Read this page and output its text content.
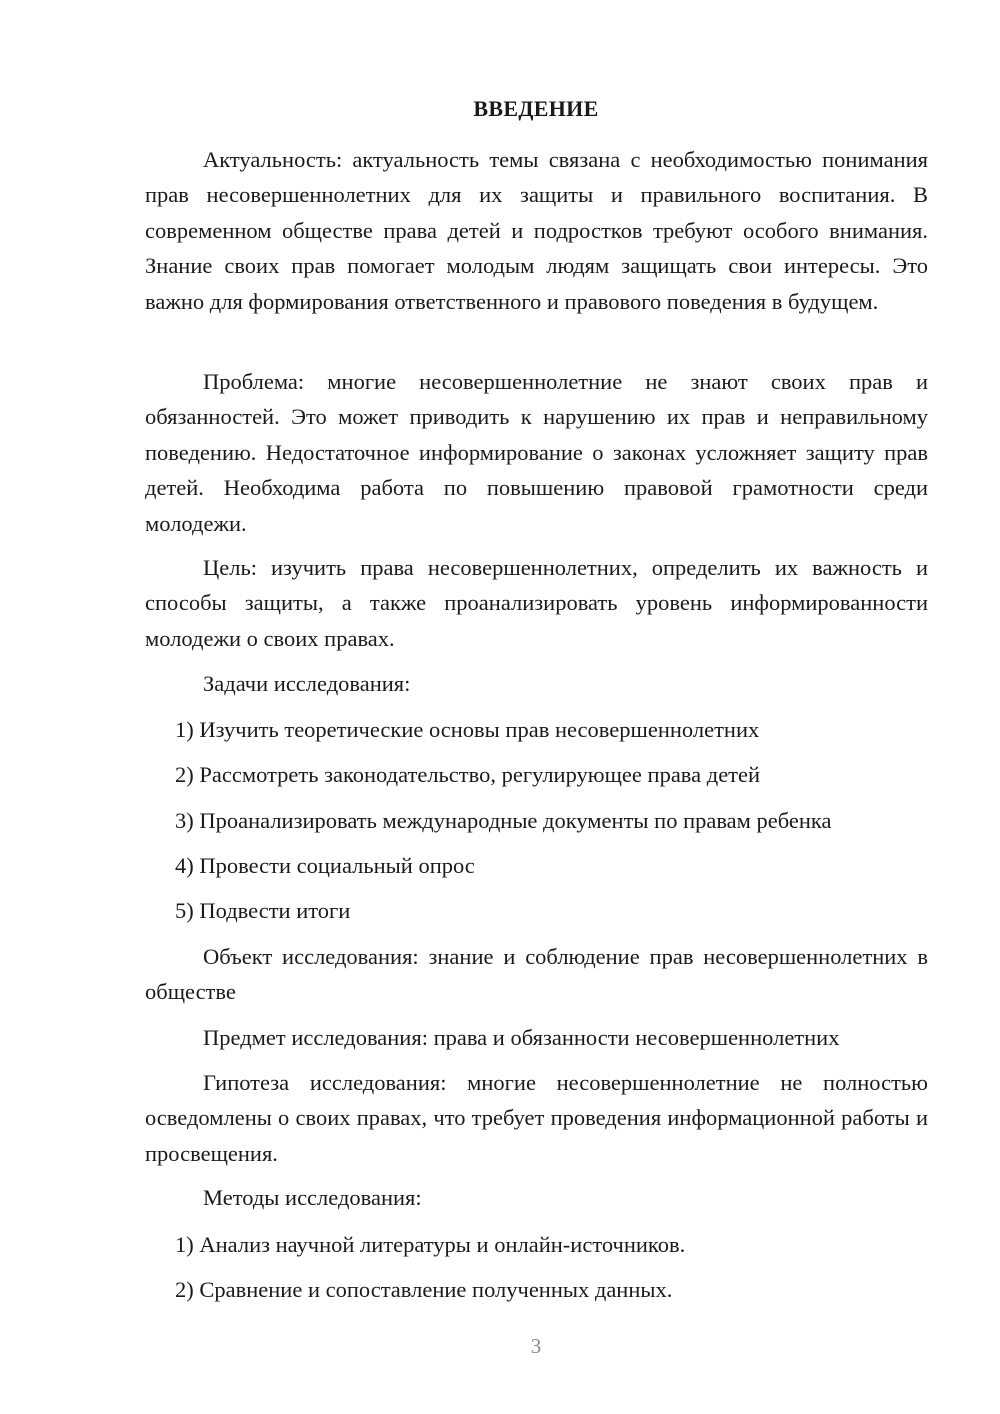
ВВЕДЕНИЕ

Актуальность: актуальность темы связана с необходимостью понимания прав несовершеннолетних для их защиты и правильного воспитания. В современном обществе права детей и подростков требуют особого внимания. Знание своих прав помогает молодым людям защищать свои интересы. Это важно для формирования ответственного и правового поведения в будущем.

Проблема: многие несовершеннолетние не знают своих прав и обязанностей. Это может приводить к нарушению их прав и неправильному поведению. Недостаточное информирование о законах усложняет защиту прав детей. Необходима работа по повышению правовой грамотности среди молодежи.

Цель: изучить права несовершеннолетних, определить их важность и способы защиты, а также проанализировать уровень информированности молодежи о своих правах.

Задачи исследования:

1) Изучить теоретические основы прав несовершеннолетних

2) Рассмотреть законодательство, регулирующее права детей

3) Проанализировать международные документы по правам ребенка

4) Провести социальный опрос

5) Подвести итоги

Объект исследования: знание и соблюдение прав несовершеннолетних в обществе

Предмет исследования: права и обязанности несовершеннолетних

Гипотеза исследования: многие несовершеннолетние не полностью осведомлены о своих правах, что требует проведения информационной работы и просвещения.

Методы исследования:

1) Анализ научной литературы и онлайн-источников.

2) Сравнение и сопоставление полученных данных.

3
